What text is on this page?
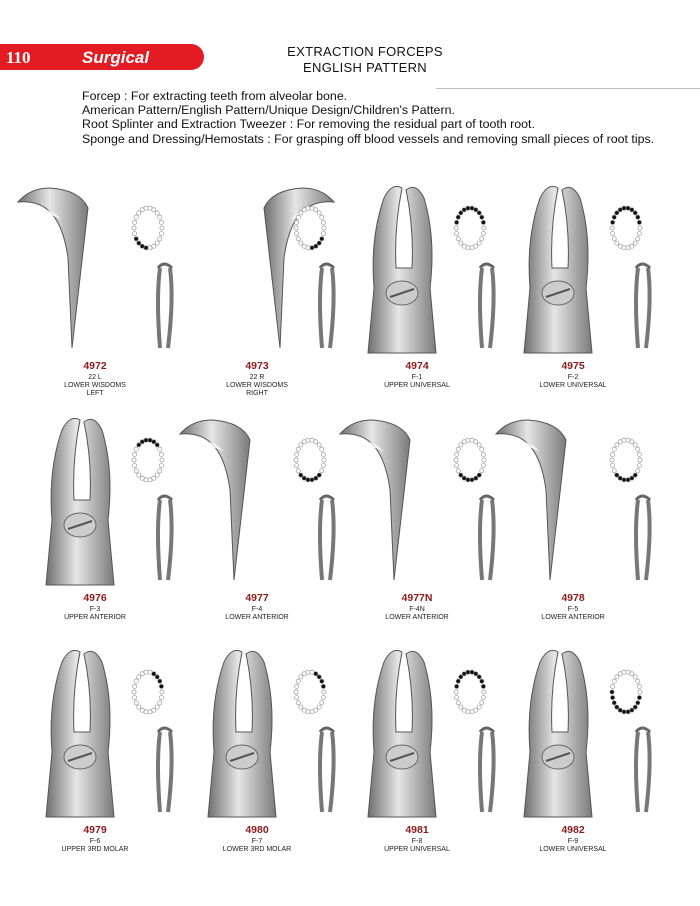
110	Surgical	EXTRACTION FORCEPS
ENGLISH PATTERN
Forcep : For extracting teeth from alveolar bone.
American Pattern/English Pattern/Unique Design/Children's Pattern.
Root Splinter and Extraction Tweezer : For removing the residual part of tooth root.
Sponge and Dressing/Hemostats : For grasping off blood vessels and removing small pieces of root tips.
4972
22 L
LOWER WISDOMS
LEFT
4973
22 R
LOWER WISDOMS
RIGHT
4974
F-1
UPPER UNIVERSAL
4975
F-2
LOWER UNIVERSAL
4976
F-3
UPPER ANTERIOR
4977
F-4
LOWER ANTERIOR
4977N
F-4N
LOWER ANTERIOR
4978
F-5
LOWER ANTERIOR
4979
F-6
UPPER 3RD MOLAR
4980
F-7
LOWER 3RD MOLAR
4981
F-8
UPPER UNIVERSAL
4982
F-9
LOWER UNIVERSAL
